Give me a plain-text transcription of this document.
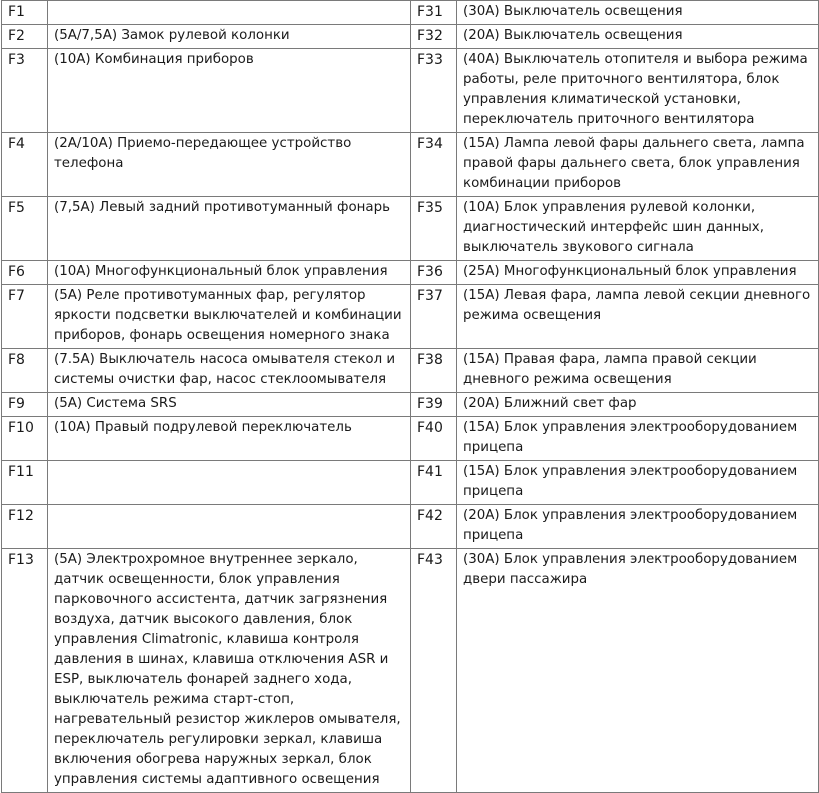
F1		F31	(30A) Выключатель освещения
F2	(5A/7,5A) Замок рулевой колонки	F32	(20A) Выключатель освещения
F3	(10A) Комбинация приборов	F33	(40A) Выключатель отопителя и выбора режима работы, реле приточного вентилятора, блок управления климатической установки, переключатель приточного вентилятора
F4	(2A/10A) Приемо-передающее устройство телефона	F34	(15A) Лампа левой фары дальнего света, лампа правой фары дальнего света, блок управления комбинации приборов
F5	(7,5A) Левый задний противотуманный фонарь	F35	(10A) Блок управления рулевой колонки, диагностический интерфейс шин данных, выключатель звукового сигнала
F6	(10A) Многофункциональный блок управления	F36	(25A) Многофункциональный блок управления
F7	(5A) Реле противотуманных фар, регулятор яркости подсветки выключателей и комбинации приборов, фонарь освещения номерного знака	F37	(15A) Левая фара, лампа левой секции дневного режима освещения
F8	(7.5A) Выключатель насоса омывателя стекол и системы очистки фар, насос стеклоомывателя	F38	(15A) Правая фара, лампа правой секции дневного режима освещения
F9	(5A) Система SRS	F39	(20A) Ближний свет фар
F10	(10A) Правый подрулевой переключатель	F40	(15A) Блок управления электрооборудованием прицепа
F11		F41	(15A) Блок управления электрооборудованием прицепа
F12		F42	(20A) Блок управления электрооборудованием прицепа
F13	(5A) Электрохромное внутреннее зеркало, датчик освещенности, блок управления парковочного ассистента, датчик загрязнения воздуха, датчик высокого давления, блок управления Climatronic, клавиша контроля давления в шинах, клавиша отключения ASR и ESP, выключатель фонарей заднего хода, выключатель режима старт-стоп, нагревательный резистор жиклеров омывателя, переключатель регулировки зеркал, клавиша включения обогрева наружных зеркал, блок управления системы адаптивного освещения	F43	(30A) Блок управления электрооборудованием двери пассажира
